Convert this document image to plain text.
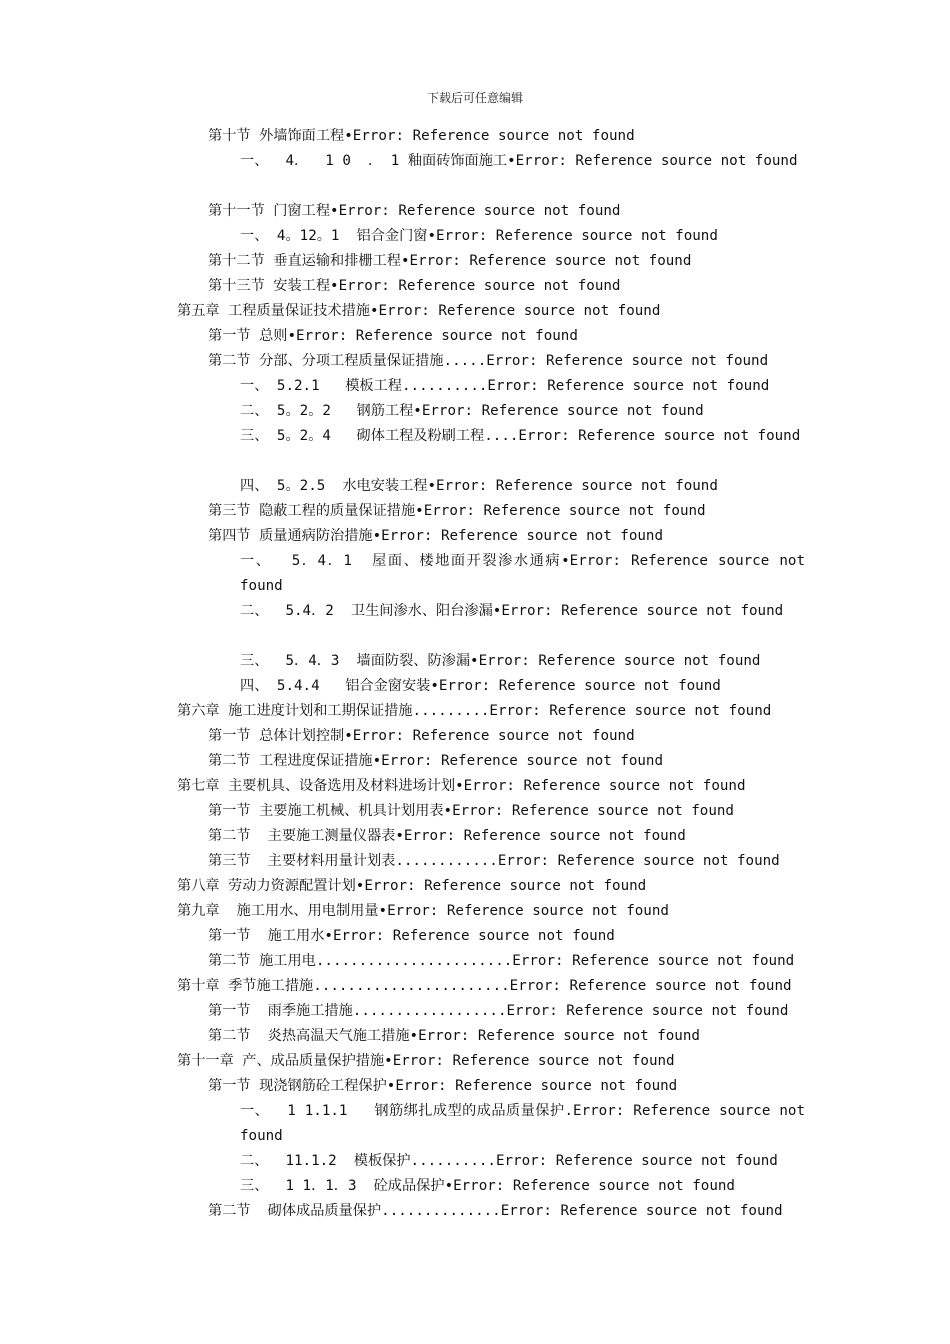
下载后可任意编辑
第十节 外墙饰面工程•Error: Reference source not found
一、  4．  1 0  ． 1 釉面砖饰面施工•Error: Reference source not found
第十一节 门窗工程•Error: Reference source not found
一、 4。12。1  铝合金门窗•Error: Reference source not found
第十二节 垂直运输和排栅工程•Error: Reference source not found
第十三节 安装工程•Error: Reference source not found
第五章 工程质量保证技术措施•Error: Reference source not found
第一节 总则•Error: Reference source not found
第二节 分部、分项工程质量保证措施.....Error: Reference source not found
一、 5.2.1   模板工程..........Error: Reference source not found
二、 5。2。2   钢筋工程•Error: Reference source not found
三、 5。2。4   砌体工程及粉刷工程....Error: Reference source not found
四、 5。2.5  水电安装工程•Error: Reference source not found
第三节 隐蔽工程的质量保证措施•Error: Reference source not found
第四节 质量通病防治措施•Error: Reference source not found
一、  5．4．1  屋面、楼地面开裂渗水通病•Error: Reference source not found
二、  5.4．2  卫生间渗水、阳台渗漏•Error: Reference source not found
三、  5．4．3  墙面防裂、防渗漏•Error: Reference source not found
四、 5.4.4   铝合金窗安装•Error: Reference source not found
第六章 施工进度计划和工期保证措施.........Error: Reference source not found
第一节 总体计划控制•Error: Reference source not found
第二节 工程进度保证措施•Error: Reference source not found
第七章 主要机具、设备选用及材料进场计划•Error: Reference source not found
第一节 主要施工机械、机具计划用表•Error: Reference source not found
第二节  主要施工测量仪器表•Error: Reference source not found
第三节  主要材料用量计划表............Error: Reference source not found
第八章 劳动力资源配置计划•Error: Reference source not found
第九章  施工用水、用电制用量•Error: Reference source not found
第一节  施工用水•Error: Reference source not found
第二节 施工用电.......................Error: Reference source not found
第十章 季节施工措施.......................Error: Reference source not found
第一节  雨季施工措施..................Error: Reference source not found
第二节  炎热高温天气施工措施•Error: Reference source not found
第十一章 产、成品质量保护措施•Error: Reference source not found
第一节 现浇钢筋砼工程保护•Error: Reference source not found
一、  1 1.1.1   钢筋绑扎成型的成品质量保护.Error: Reference source not found
二、  11.1.2  模板保护..........Error: Reference source not found
三、  1 1．1．3  砼成品保护•Error: Reference source not found
第二节  砌体成品质量保护..............Error: Reference source not found
